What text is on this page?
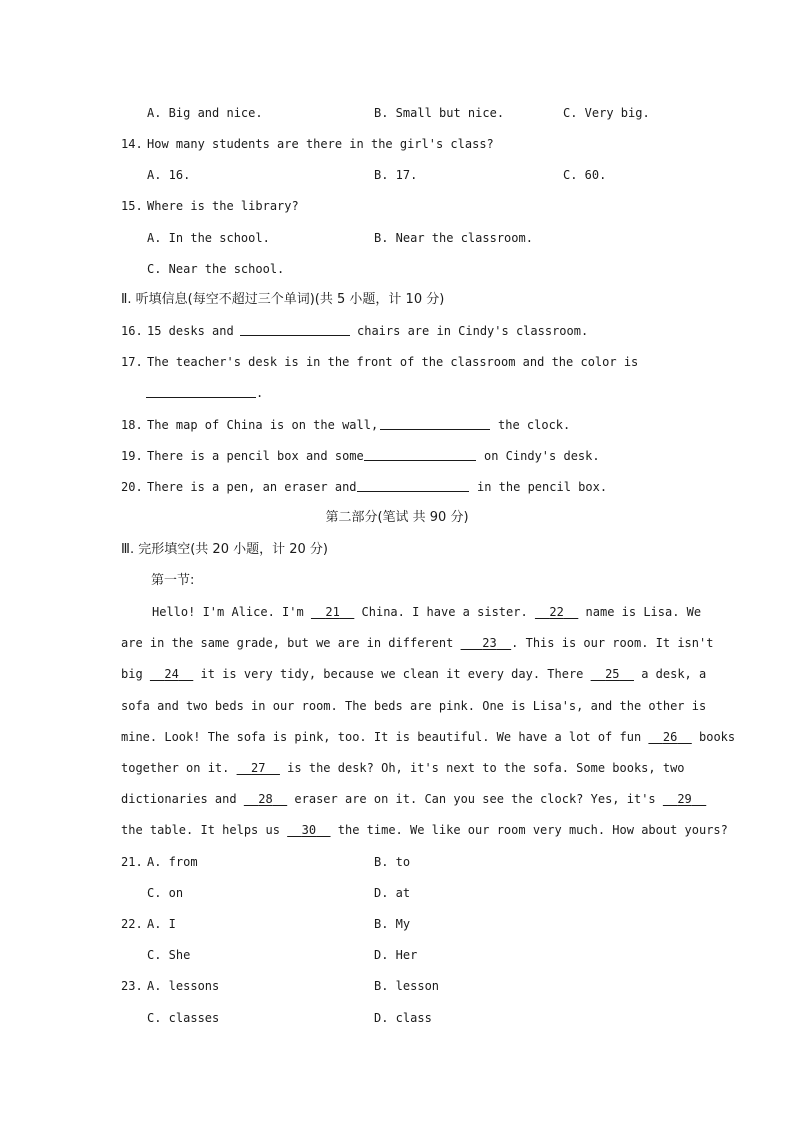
A. Big and nice.	B. Small but nice.	C. Very big.
14. How many students are there in the girl's class?
A. 16.	B. 17.	C. 60.
15. Where is the library?
A. In the school.	B. Near the classroom.
C. Near the school.
Ⅱ. 听填信息(每空不超过三个单词)(共 5 小题，计 10 分)
16. 15 desks and	chairs are in Cindy's classroom.
17. The teacher's desk is in the front of the classroom and the color is
.
18. The map of China is on the wall,	the clock.
19. There is a pencil box and some	on Cindy's desk.
20. There is a pen, an eraser and	in the pencil box.
第二部分(笔试 共 90 分)
Ⅲ. 完形填空(共 20 小题，计 20 分)
第一节:
Hello! I'm Alice. I'm   21   China. I have a sister.   22   name is Lisa. We
are in the same grade, but we are in different    23 . This is our room. It isn't
big   24   it is very tidy, because we clean it every day. There   25   a desk, a
sofa and two beds in our room. The beds are pink. One is Lisa's, and the other is
mine. Look! The sofa is pink, too. It is beautiful. We have a lot of fun   26   books
together on it.   27   is the desk? Oh, it's next to the sofa. Some books, two
dictionaries and   28   eraser are on it. Can you see the clock? Yes, it's   29
the table. It helps us   30   the time. We like our room very much. How about yours?
21. A. from	B. to
C. on	D. at
22. A. I	B. My
C. She	D. Her
23. A. lessons	B. lesson
C. classes	D. class
